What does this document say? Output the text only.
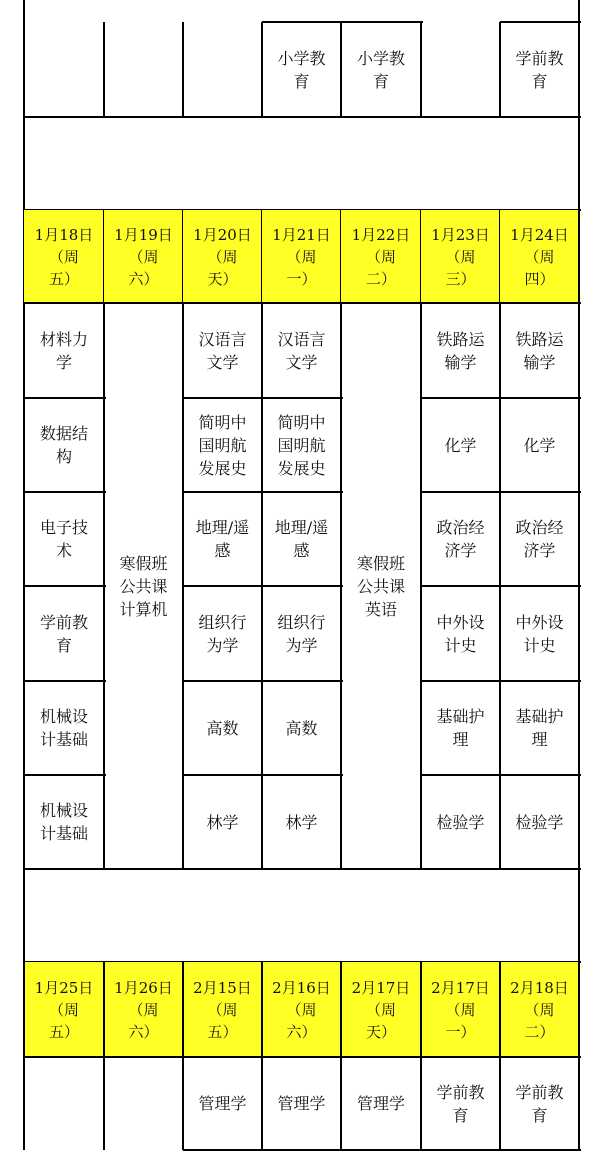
小学教
育
小学教
育
学前教
育
1月18日
（周
五）
1月19日
（周
六）
1月20日
（周
天）
1月21日
（周
一）
1月22日
（周
二）
1月23日
（周
三）
1月24日
（周
四）
材料力
学
数据结
构
电子技
术
学前教
育
机械设
计基础
机械设
计基础
汉语言
文学
简明中
国明航
发展史
地理/遥
感
组织行
为学
高数
林学
汉语言
文学
简明中
国明航
发展史
地理/遥
感
组织行
为学
高数
林学
铁路运
输学
化学
政治经
济学
中外设
计史
基础护
理
检验学
铁路运
输学
化学
政治经
济学
中外设
计史
基础护
理
检验学
寒假班
公共课
计算机
寒假班
公共课
英语
1月25日
（周
五）
1月26日
（周
六）
2月15日
（周
五）
2月16日
（周
六）
2月17日
（周
天）
2月17日
（周
一）
2月18日
（周
二）
管理学	管理学	管理学
学前教
育
学前教
育
